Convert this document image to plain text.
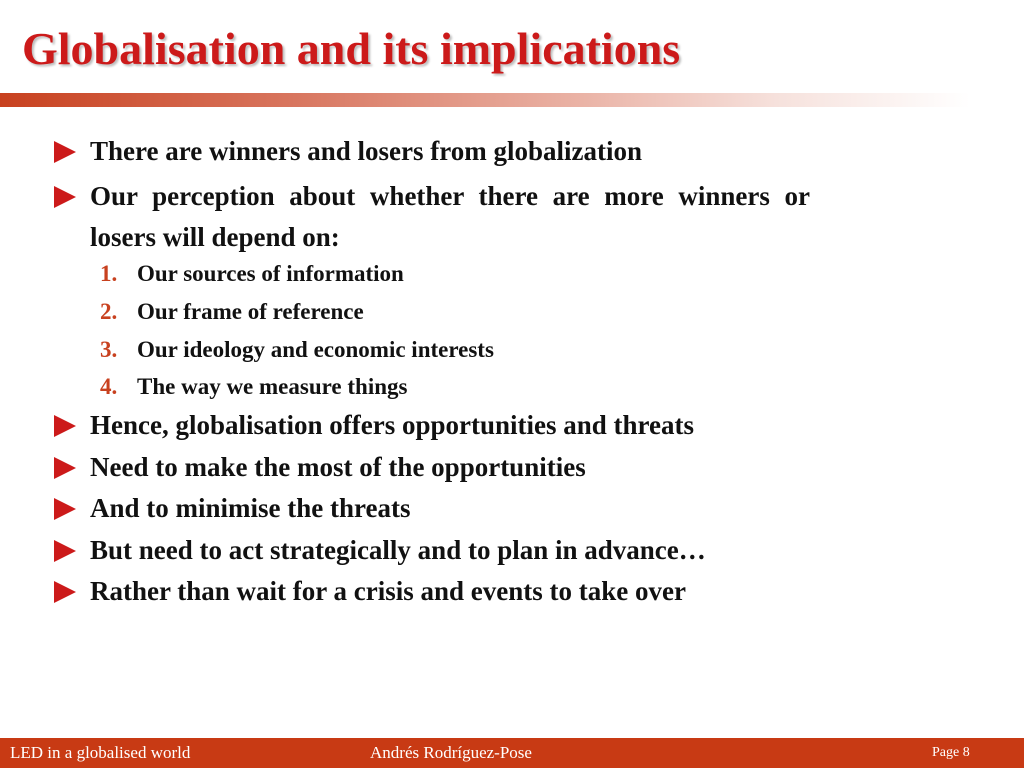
Globalisation and its implications
There are winners and losers from globalization
Our perception about whether there are more winners or losers will depend on:
1. Our sources of information
2. Our frame of reference
3. Our ideology and economic interests
4. The way we measure things
Hence, globalisation offers opportunities and threats
Need to make the most of the opportunities
And to minimise the threats
But need to act strategically and to plan in advance…
Rather than wait for a crisis and events to take over
LED in a globalised world	Andrés Rodríguez-Pose	Page 8
